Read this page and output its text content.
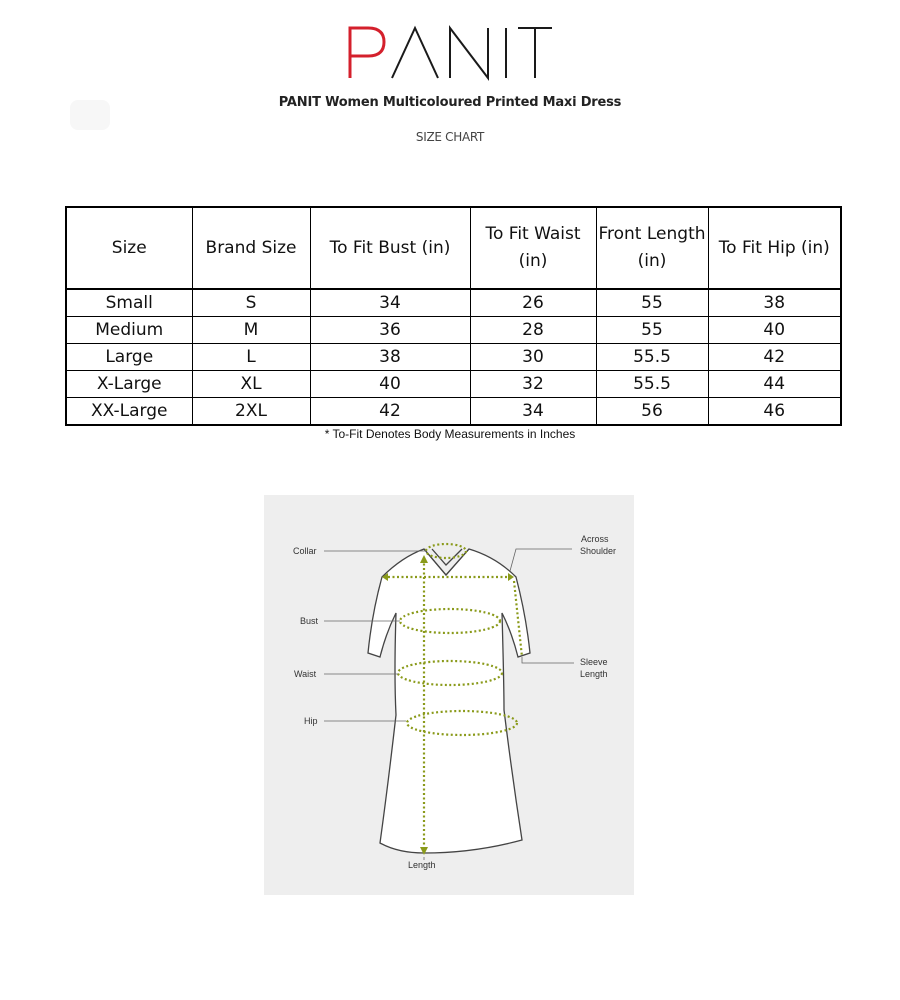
PANIT Women Multicoloured Printed Maxi Dress
SIZE CHART
Size	Brand Size	To Fit Bust (in)	To Fit Waist (in)	Front Length (in)	To Fit Hip (in)
Small	S	34	26	55	38
Medium	M	36	28	55	40
Large	L	38	30	55.5	42
X-Large	XL	40	32	55.5	44
XX-Large	2XL	42	34	56	46
* To-Fit Denotes Body Measurements in Inches
Collar
Across
Shoulder
Bust
Waist
Sleeve
Length
Hip
Length
